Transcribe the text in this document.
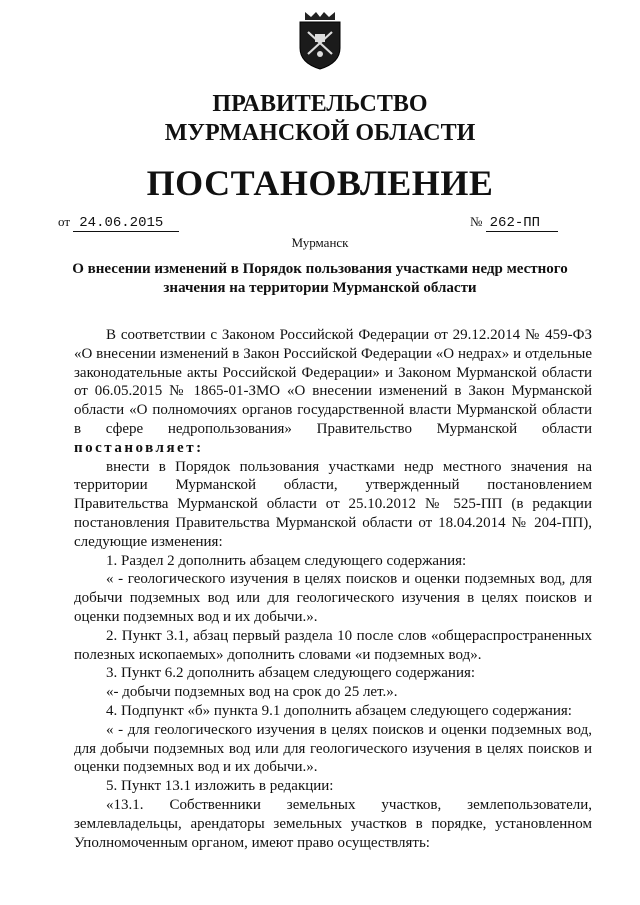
ПРАВИТЕЛЬСТВО
МУРМАНСКОЙ ОБЛАСТИ
ПОСТАНОВЛЕНИЕ
от 24.06.2015	№ 262-ПП
Мурманск
О внесении изменений в Порядок пользования участками недр местного
значения на территории Мурманской области

В соответствии с Законом Российской Федерации от 29.12.2014 № 459-ФЗ «О внесении изменений в Закон Российской Федерации «О недрах» и отдельные законодательные акты Российской Федерации» и Законом Мурманской области от 06.05.2015 № 1865-01-ЗМО «О внесении изменений в Закон Мурманской области «О полномочиях органов государственной власти Мурманской области в сфере недропользования» Правительство Мурманской области постановляет:

внести в Порядок пользования участками недр местного значения на территории Мурманской области, утвержденный постановлением Правительства Мурманской области от 25.10.2012 № 525-ПП (в редакции постановления Правительства Мурманской области от 18.04.2014 № 204-ПП), следующие изменения:

1. Раздел 2 дополнить абзацем следующего содержания:

« - геологического изучения в целях поисков и оценки подземных вод, для добычи подземных вод или для геологического изучения в целях поисков и оценки подземных вод и их добычи.».

2. Пункт 3.1, абзац первый раздела 10 после слов «общераспространенных полезных ископаемых» дополнить словами «и подземных вод».

3. Пункт 6.2 дополнить абзацем следующего содержания:

«- добычи подземных вод на срок до 25 лет.».

4. Подпункт «б» пункта 9.1 дополнить абзацем следующего содержания:

« - для геологического изучения в целях поисков и оценки подземных вод, для добычи подземных вод или для геологического изучения в целях поисков и оценки подземных вод и их добычи.».

5. Пункт 13.1 изложить в редакции:

«13.1. Собственники земельных участков, землепользователи, землевладельцы, арендаторы земельных участков в порядке, установленном Уполномоченным органом, имеют право осуществлять:
